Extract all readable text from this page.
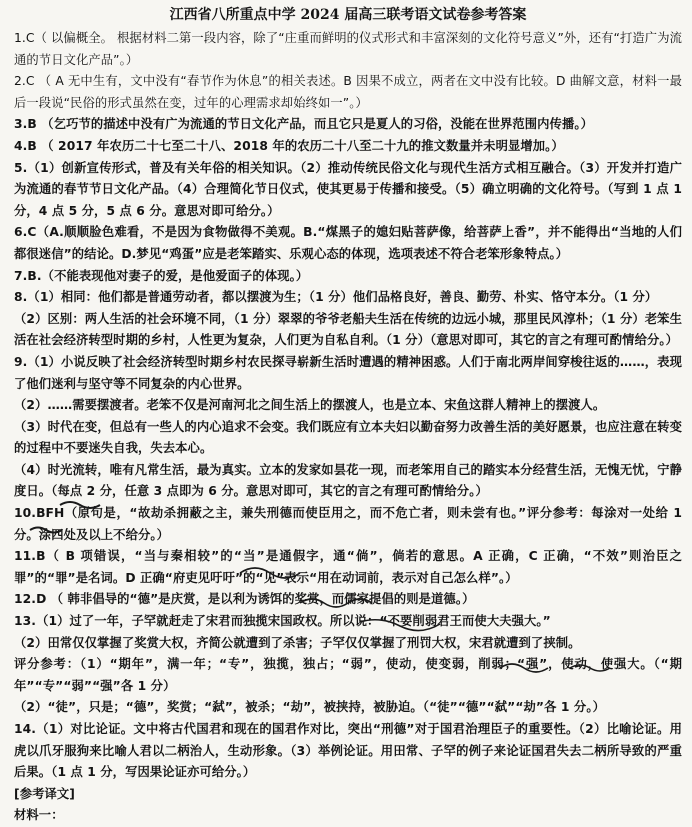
江西省八所重点中学 2024 届高三联考语文试卷参考答案

1.C（ 以偏概全。 根据材料二第一段内容，除了“庄重而鲜明的仪式形式和丰富深刻的文化符号意义”外，还有“打造广为流通的节日文化产品”。）

2.C （ A 无中生有，文中没有“春节作为休息”的相关表述。B 因果不成立，两者在文中没有比较。D 曲解文意，材料一最后一段说“民俗的形式虽然在变，过年的心理需求却始终如一”。）

3.B （乞巧节的描述中没有广为流通的节日文化产品，而且它只是夏人的习俗，没能在世界范围内传播。）

4.B （ 2017 年农历二十七至二十八、2018 年的农历二十八至二十九的推文数量并未明显增加。）

5.（1）创新宣传形式，普及有关年俗的相关知识。（2）推动传统民俗文化与现代生活方式相互融合。（3）开发并打造广为流通的春节节日文化产品。（4）合理简化节日仪式，使其更易于传播和接受。（5）确立明确的文化符号。（写到 1 点 1 分，4 点 5 分，5 点 6 分。意思对即可给分。）

6.C（A.顺顺脸色难看，不是因为食物做得不美观。B.“煤黑子的媳妇贴菩萨像，给菩萨上香”，并不能得出“当地的人们都很迷信”的结论。D.梦见“鸡蛋”应是老笨踏实、乐观心态的体现，选项表述不符合老笨形象特点。）

7.B.（不能表现他对妻子的爱，是他爱面子的体现。）

8.（1）相同：他们都是普通劳动者，都以摆渡为生；（1 分）他们品格良好，善良、勤劳、朴实、恪守本分。（1 分）

（2）区别：两人生活的社会环境不同，（1 分）翠翠的爷爷老船夫生活在传统的边远小城，那里民风淳朴；（1 分）老笨生活在社会经济转型时期的乡村，人性更为复杂，人们更为自私自利。（1 分）（意思对即可，其它的言之有理可酌情给分。）

9.（1）小说反映了社会经济转型时期乡村农民探寻崭新生活时遭遇的精神困惑。人们于南北两岸间穿梭往返的……，表现了他们迷利与坚守等不同复杂的内心世界。

（2）……需要摆渡者。老笨不仅是河南河北之间生活上的摆渡人，也是立本、宋鱼这群人精神上的摆渡人。

（3）时代在变，但总有一些人的内心追求不会变。我们既应有立本夫妇以勤奋努力改善生活的美好愿景，也应注意在转变的过程中不要迷失自我，失去本心。

（4）时光流转，唯有凡常生活，最为真实。立本的发家如昙花一现，而老笨用自己的踏实本分经营生活，无愧无忧，宁静度日。（每点 2 分，任意 3 点即为 6 分。意思对即可，其它的言之有理可酌情给分。）

10.BFH（原句是，“故劫杀拥蔽之主，兼失刑德而使臣用之，而不危亡者，则未尝有也。”评分参考：每涂对一处给 1 分。涂四处及以上不给分。）

11.B（ B 项错误，“当与秦相较”的“当”是通假字，通“倘”，倘若的意思。A 正确，C 正确，“不效”则治臣之罪”的“罪”是名词。D 正确“府吏见吁吁”的“见”表示“用在动词前，表示对自己怎么样”。）

12.D （ 韩非倡导的“德”是庆赏，是以利为诱饵的奖赏，而儒家提倡的则是道德。）

13.（1）过了一年，子罕就赶走了宋君而独揽宋国政权。所以说：“不要削弱君王而使大夫强大。”

（2）田常仅仅掌握了奖赏大权，齐简公就遭到了杀害；子罕仅仅掌握了刑罚大权，宋君就遭到了挟制。

评分参考：（1）“期年”，满一年；“专”，独揽，独占；“弱”，使动，使变弱，削弱；“强”，使动，使强大。（“期年”“专”“弱”“强”各 1 分）

（2）“徒”，只是；“德”，奖赏；“弑”，被杀；“劫”，被挟持，被胁迫。（“徒”“德”“弑”“劫”各 1 分。）

14.（1）对比论证。文中将古代国君和现在的国君作对比，突出“刑德”对于国君治理臣子的重要性。（2）比喻论证。用虎以爪牙服狗来比喻人君以二柄治人，生动形象。（3）举例论证。用田常、子罕的例子来论证国君失去二柄所导致的严重后果。（1 点 1 分，写因果论证亦可给分。）

[参考译文]

材料一：
